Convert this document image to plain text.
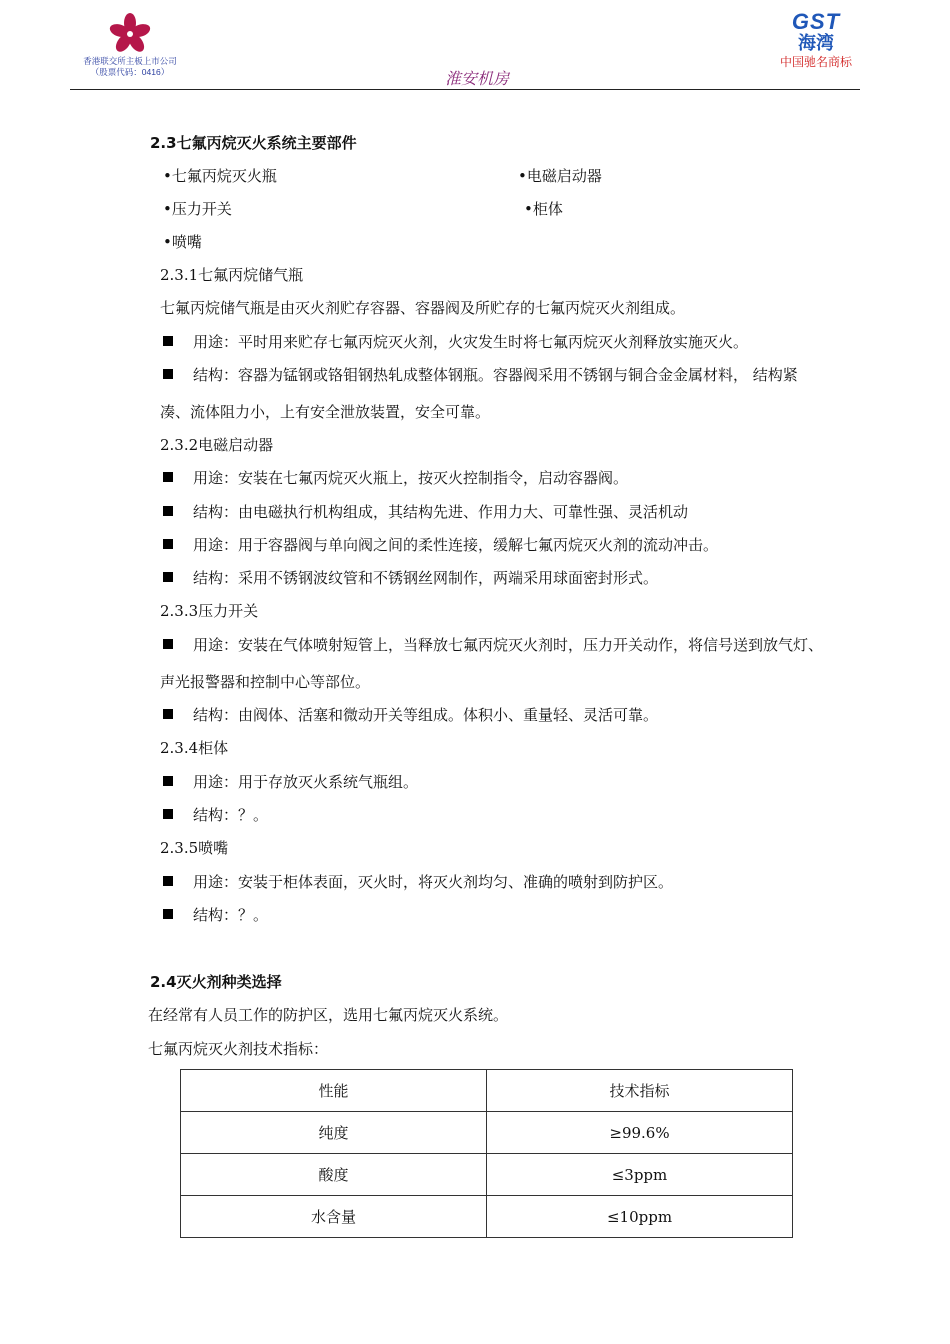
香港联交所主板上市公司
（股票代码：0416）
GST
海湾
中国驰名商标
淮安机房
2.3七氟丙烷灭火系统主要部件
•七氟丙烷灭火瓶	•电磁启动器
•压力开关	•柜体
•喷嘴
2.3.1七氟丙烷储气瓶
七氟丙烷储气瓶是由灭火剂贮存容器、容器阀及所贮存的七氟丙烷灭火剂组成。
用途：平时用来贮存七氟丙烷灭火剂，火灾发生时将七氟丙烷灭火剂释放实施灭火。
结构：容器为锰钢或铬钼钢热轧成整体钢瓶。容器阀采用不锈钢与铜合金金属材料， 结构紧
凑、流体阻力小，上有安全泄放装置，安全可靠。
2.3.2电磁启动器
用途：安装在七氟丙烷灭火瓶上，按灭火控制指令，启动容器阀。
结构：由电磁执行机构组成，其结构先进、作用力大、可靠性强、灵活机动
用途：用于容器阀与单向阀之间的柔性连接，缓解七氟丙烷灭火剂的流动冲击。
结构：采用不锈钢波纹管和不锈钢丝网制作，两端采用球面密封形式。
2.3.3压力开关
用途：安装在气体喷射短管上，当释放七氟丙烷灭火剂时，压力开关动作，将信号送到放气灯、
声光报警器和控制中心等部位。
结构：由阀体、活塞和微动开关等组成。体积小、重量轻、灵活可靠。
2.3.4柜体
用途：用于存放灭火系统气瓶组。
结构：？。
2.3.5喷嘴
用途：安装于柜体表面，灭火时，将灭火剂均匀、准确的喷射到防护区。
结构：？。
2.4灭火剂种类选择
在经常有人员工作的防护区，选用七氟丙烷灭火系统。
七氟丙烷灭火剂技术指标：
性能	技术指标
纯度	≥99.6%
酸度	≤3ppm
水含量	≤10ppm
